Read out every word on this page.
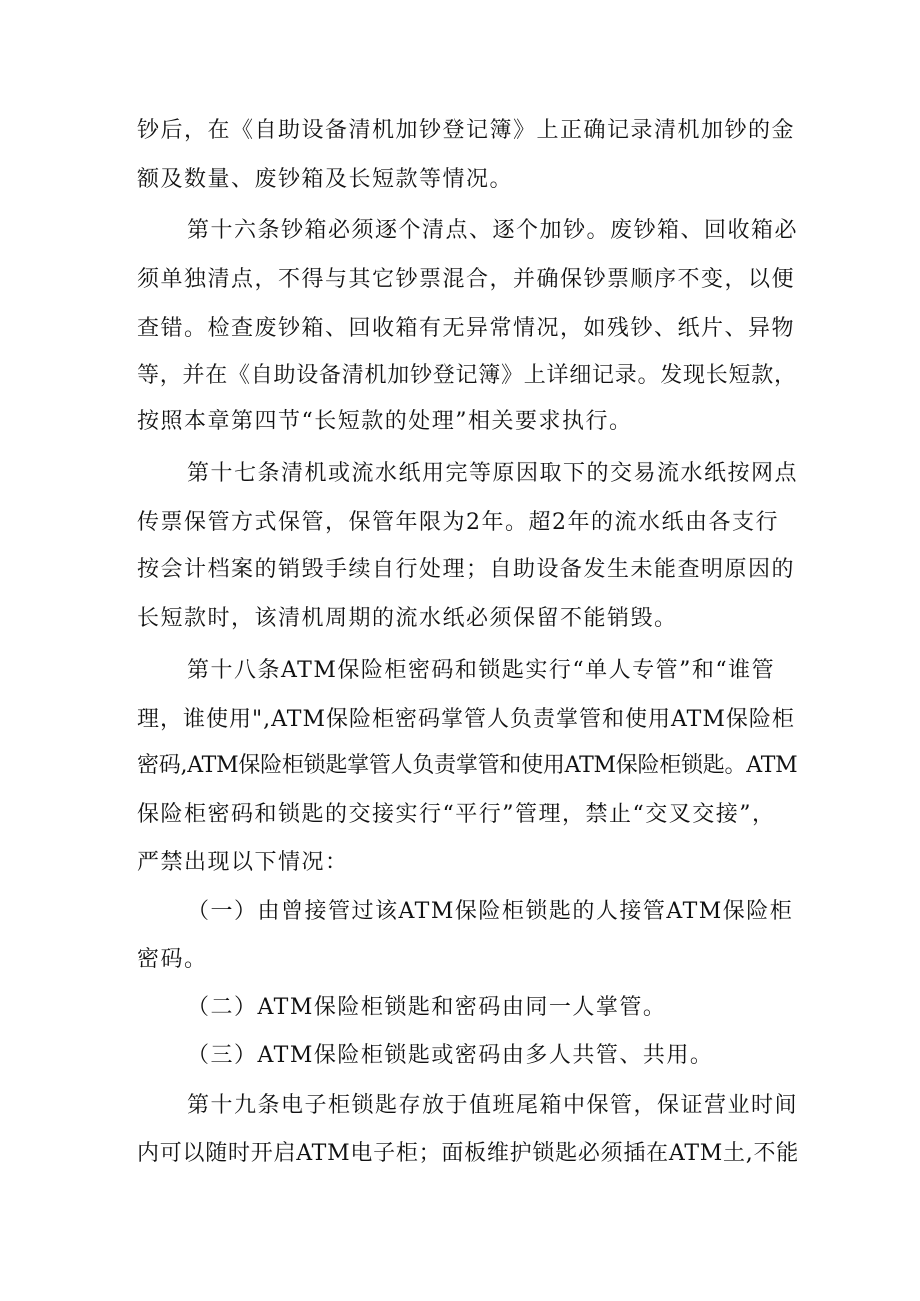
钞后，在《自助设备清机加钞登记簿》上正确记录清机加钞的金
额及数量、废钞箱及长短款等情况。
第十六条钞箱必须逐个清点、逐个加钞。废钞箱、回收箱必
须单独清点，不得与其它钞票混合，并确保钞票顺序不变，以便
查错。检查废钞箱、回收箱有无异常情况，如残钞、纸片、异物
等，并在《自助设备清机加钞登记簿》上详细记录。发现长短款，
按照本章第四节“长短款的处理”相关要求执行。
第十七条清机或流水纸用完等原因取下的交易流水纸按网点
传票保管方式保管，保管年限为2年。超2年的流水纸由各支行
按会计档案的销毁手续自行处理；自助设备发生未能查明原因的
长短款时，该清机周期的流水纸必须保留不能销毁。
第十八条ATM保险柜密码和锁匙实行“单人专管”和“谁管
理，谁使用",ATM保险柜密码掌管人负责掌管和使用ATM保险柜
密码,ATM保险柜锁匙掌管人负责掌管和使用ATM保险柜锁匙。ATM
保险柜密码和锁匙的交接实行“平行”管理，禁止“交叉交接”，
严禁出现以下情况：
（一）由曾接管过该ATM保险柜锁匙的人接管ATM保险柜
密码。
（二）ATM保险柜锁匙和密码由同一人掌管。
（三）ATM保险柜锁匙或密码由多人共管、共用。
第十九条电子柜锁匙存放于值班尾箱中保管，保证营业时间
内可以随时开启ATM电子柜；面板维护锁匙必须插在ATM土,不能
